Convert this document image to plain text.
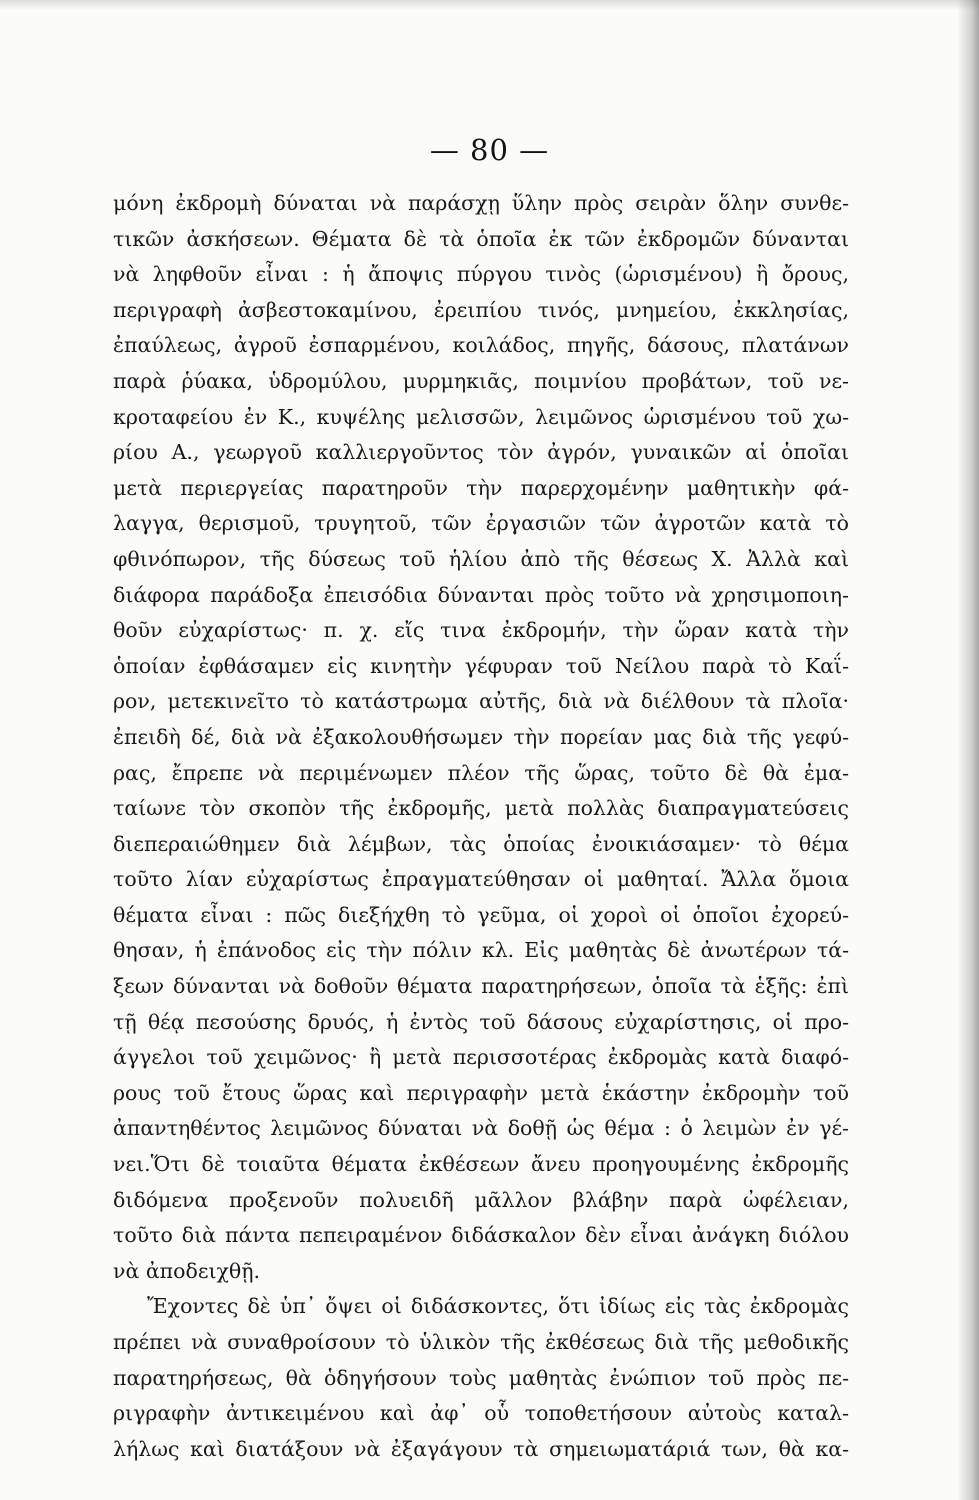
— 80 —
μόνη ἐκδρομὴ δύναται νὰ παράσχῃ ὕλην πρὸς σειρὰν ὅλην συνθε-
τικῶν ἀσκήσεων. Θέματα δὲ τὰ ὁποῖα ἐκ τῶν ἐκδρομῶν δύνανται
νὰ ληφθοῦν εἶναι : ἡ ἄποψις πύργου τινὸς (ὡρισμένου) ἢ ὄρους,
περιγραφὴ ἀσβεστοκαμίνου, ἐρειπίου τινός, μνημείου, ἐκκλησίας,
ἐπαύλεως, ἀγροῦ ἐσπαρμένου, κοιλάδος, πηγῆς, δάσους, πλατάνων
παρὰ ῥύακα, ὑδρομύλου, μυρμηκιᾶς, ποιμνίου προβάτων, τοῦ νε-
κροταφείου ἐν Κ., κυψέλης μελισσῶν, λειμῶνος ὡρισμένου τοῦ χω-
ρίου Α., γεωργοῦ καλλιεργοῦντος τὸν ἀγρόν, γυναικῶν αἱ ὁποῖαι
μετὰ περιεργείας παρατηροῦν τὴν παρερχομένην μαθητικὴν φά-
λαγγα, θερισμοῦ, τρυγητοῦ, τῶν ἐργασιῶν τῶν ἀγροτῶν κατὰ τὸ
φθινόπωρον, τῆς δύσεως τοῦ ἡλίου ἀπὸ τῆς θέσεως Χ. Ἀλλὰ καὶ
διάφορα παράδοξα ἐπεισόδια δύνανται πρὸς τοῦτο νὰ χρησιμοποιη-
θοῦν εὐχαρίστως· π. χ. εἴς τινα ἐκδρομήν, τὴν ὥραν κατὰ τὴν
ὁποίαν ἐφθάσαμεν εἰς κινητὴν γέφυραν τοῦ Νείλου παρὰ τὸ Καΐ-
ρον, μετεκινεῖτο τὸ κατάστρωμα αὐτῆς, διὰ νὰ διέλθουν τὰ πλοῖα·
ἐπειδὴ δέ, διὰ νὰ ἐξακολουθήσωμεν τὴν πορείαν μας διὰ τῆς γεφύ-
ρας, ἔπρεπε νὰ περιμένωμεν πλέον τῆς ὥρας, τοῦτο δὲ θὰ ἐμα-
ταίωνε τὸν σκοπὸν τῆς ἐκδρομῆς, μετὰ πολλὰς διαπραγματεύσεις
διεπεραιώθημεν διὰ λέμβων, τὰς ὁποίας ἐνοικιάσαμεν· τὸ θέμα
τοῦτο λίαν εὐχαρίστως ἐπραγματεύθησαν οἱ μαθηταί. Ἄλλα ὅμοια
θέματα εἶναι : πῶς διεξήχθη τὸ γεῦμα, οἱ χοροὶ οἱ ὁποῖοι ἐχορεύ-
θησαν, ἡ ἐπάνοδος εἰς τὴν πόλιν κλ. Εἰς μαθητὰς δὲ ἀνωτέρων τά-
ξεων δύνανται νὰ δοθοῦν θέματα παρατηρήσεων, ὁποῖα τὰ ἑξῆς: ἐπὶ
τῇ θέᾳ πεσούσης δρυός, ἡ ἐντὸς τοῦ δάσους εὐχαρίστησις, οἱ προ-
άγγελοι τοῦ χειμῶνος· ἢ μετὰ περισσοτέρας ἐκδρομὰς κατὰ διαφό-
ρους τοῦ ἔτους ὥρας καὶ περιγραφὴν μετὰ ἑκάστην ἐκδρομὴν τοῦ
ἀπαντηθέντος λειμῶνος δύναται νὰ δοθῇ ὡς θέμα : ὁ λειμὼν ἐν γέ-
νει.Ὅτι δὲ τοιαῦτα θέματα ἐκθέσεων ἄνευ προηγουμένης ἐκδρομῆς
διδόμενα προξενοῦν πολυειδῆ μᾶλλον βλάβην παρὰ ὠφέλειαν,
τοῦτο διὰ πάντα πεπειραμένον διδάσκαλον δὲν εἶναι ἀνάγκη διόλου
νὰ ἀποδειχθῇ.
Ἔχοντες δὲ ὑπ᾿ ὄψει οἱ διδάσκοντες, ὅτι ἰδίως εἰς τὰς ἐκδρομὰς
πρέπει νὰ συναθροίσουν τὸ ὑλικὸν τῆς ἐκθέσεως διὰ τῆς μεθοδικῆς
παρατηρήσεως, θὰ ὁδηγήσουν τοὺς μαθητὰς ἐνώπιον τοῦ πρὸς πε-
ριγραφὴν ἀντικειμένου καὶ ἀφ᾿ οὗ τοποθετήσουν αὐτοὺς καταλ-
λήλως καὶ διατάξουν νὰ ἐξαγάγουν τὰ σημειωματάριά των, θὰ κα-
